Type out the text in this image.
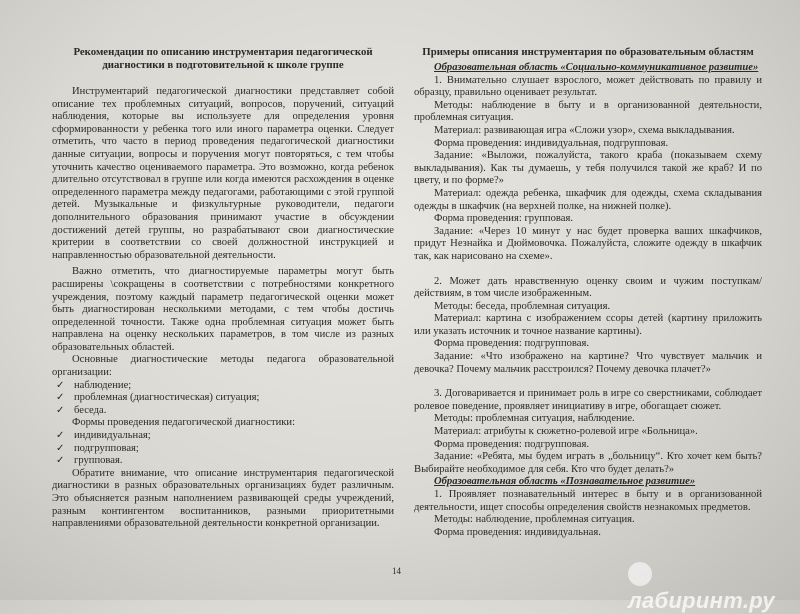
Рекомендации по описанию инструментария педагогической диагностики в подготовительной к школе группе

Инструментарий педагогической диагностики представляет собой описание тех проблемных ситуаций, вопросов, поручений, ситуаций наблюдения, которые вы используете для определения уровня сформированности у ребенка того или иного параметра оценки. Следует отметить, что часто в период проведения педагогической диагностики данные ситуации, вопросы и поручения могут повторяться, с тем чтобы уточнить качество оцениваемого параметра. Это возможно, когда ребенок длительно отсутствовал в группе или когда имеются расхождения в оценке определенного параметра между педагогами, работающими с этой группой детей. Музыкальные и физкультурные руководители, педагоги дополнительного образования принимают участие в обсуждении достижений детей группы, но разрабатывают свои диагностические критерии в соответствии со своей должностной инструкцией и направленностью образовательной деятельности.

Важно отметить, что диагностируемые параметры могут быть расширены \сокращены в соответствии с потребностями конкретного учреждения, поэтому каждый параметр педагогической оценки может быть диагностирован несколькими методами, с тем чтобы достичь определенной точности. Также одна проблемная ситуация может быть направлена на оценку нескольких параметров, в том числе из разных образовательных областей.

Основные диагностические методы педагога образовательной организации:

✓ наблюдение;

✓ проблемная (диагностическая) ситуация;

✓ беседа.

Формы проведения педагогической диагностики:

✓ индивидуальная;

✓ подгрупповая;

✓ групповая.

Обратите внимание, что описание инструментария педагогической диагностики в разных образовательных организациях будет различным. Это объясняется разным наполнением развивающей среды учреждений, разным контингентом воспитанников, разными приоритетными направлениями образовательной деятельности конкретной организации.

Примеры описания инструментария по образовательным областям

Образовательная область «Социально-коммуникативное развитие»

1. Внимательно слушает взрослого, может действовать по правилу и образцу, правильно оценивает результат.

Методы: наблюдение в быту и в организованной деятельности, проблемная ситуация.

Материал: развивающая игра «Сложи узор», схема выкладывания.

Форма проведения: индивидуальная, подгрупповая.

Задание: «Выложи, пожалуйста, такого краба (показываем схему выкладывания). Как ты думаешь, у тебя получился такой же краб? И по цвету, и по форме?»

Материал: одежда ребенка, шкафчик для одежды, схема складывания одежды в шкафчик (на верхней полке, на нижней полке).

Форма проведения: групповая.

Задание: «Через 10 минут у нас будет проверка ваших шкафчиков, придут Незнайка и Дюймовочка. Пожалуйста, сложите одежду в шкафчик так, как нарисовано на схеме».

2. Может дать нравственную оценку своим и чужим поступкам/действиям, в том числе изображенным.

Методы: беседа, проблемная ситуация.

Материал: картина с изображением ссоры детей (картину приложить или указать источник и точное название картины).

Форма проведения: подгрупповая.

Задание: «Что изображено на картине? Что чувствует мальчик и девочка? Почему мальчик расстроился? Почему девочка плачет?»

3. Договаривается и принимает роль в игре со сверстниками, соблюдает ролевое поведение, проявляет инициативу в игре, обогащает сюжет.

Методы: проблемная ситуация, наблюдение.

Материал: атрибуты к сюжетно-ролевой игре «Больница».

Форма проведения: подгрупповая.

Задание: «Ребята, мы будем играть в „больницу“. Кто хочет кем быть? Выбирайте необходимое для себя. Кто что будет делать?»

Образовательная область «Познавательное развитие»

1. Проявляет познавательный интерес в быту и в организованной деятельности, ищет способы определения свойств незнакомых предметов.

Методы: наблюдение, проблемная ситуация.

Форма проведения: индивидуальная.

14
лабиринт.ру
